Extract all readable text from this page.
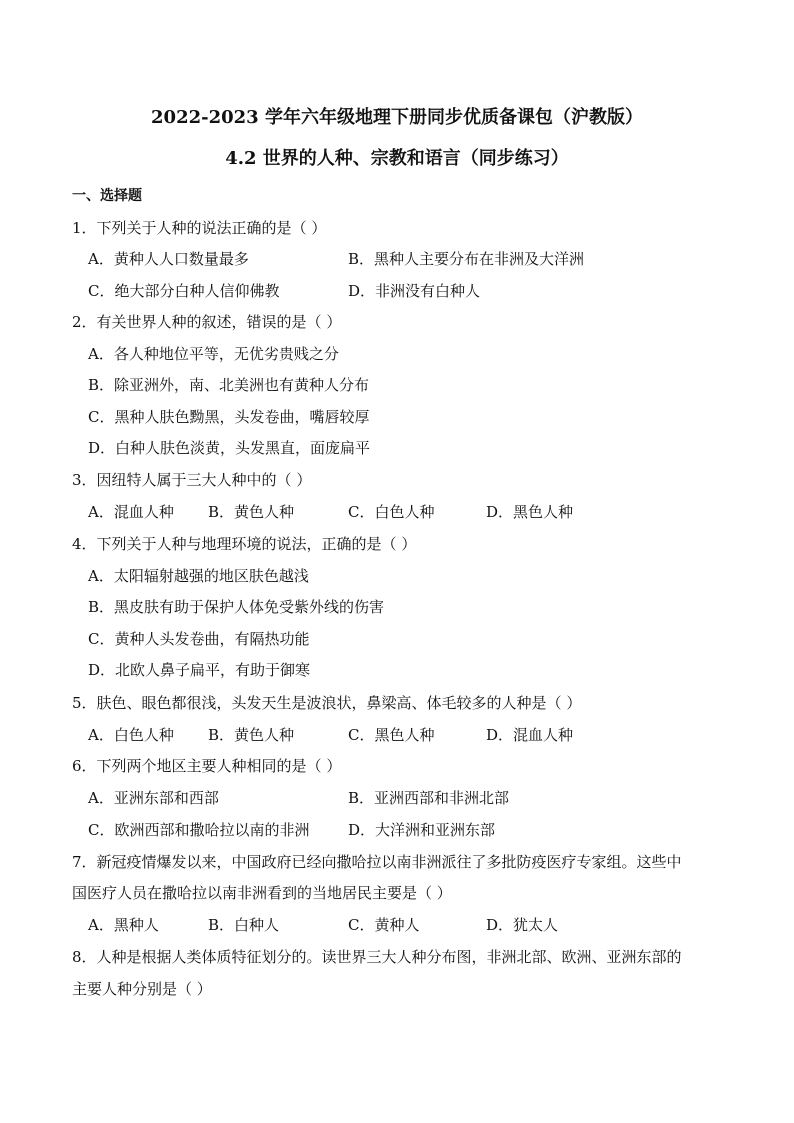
2022-2023 学年六年级地理下册同步优质备课包（沪教版）
4.2 世界的人种、宗教和语言（同步练习）
一、选择题
1．下列关于人种的说法正确的是（ ）
A．黄种人人口数量最多	B．黑种人主要分布在非洲及大洋洲
C．绝大部分白种人信仰佛教	D．非洲没有白种人
2．有关世界人种的叙述，错误的是（ ）
A．各人种地位平等，无优劣贵贱之分
B．除亚洲外，南、北美洲也有黄种人分布
C．黑种人肤色黝黑，头发卷曲，嘴唇较厚
D．白种人肤色淡黄，头发黑直，面庞扁平
3．因纽特人属于三大人种中的（ ）
A．混血人种 B．黄色人种	C．白色人种	D．黑色人种
4．下列关于人种与地理环境的说法，正确的是（ ）
A．太阳辐射越强的地区肤色越浅
B．黑皮肤有助于保护人体免受紫外线的伤害
C．黄种人头发卷曲，有隔热功能
D．北欧人鼻子扁平，有助于御寒
5．肤色、眼色都很浅，头发天生是波浪状，鼻梁高、体毛较多的人种是（ ）
A．白色人种 B．黄色人种	C．黑色人种	D．混血人种
6．下列两个地区主要人种相同的是（ ）
A．亚洲东部和西部	B．亚洲西部和非洲北部
C．欧洲西部和撒哈拉以南的非洲	D．大洋洲和亚洲东部
7．新冠疫情爆发以来，中国政府已经向撒哈拉以南非洲派往了多批防疫医疗专家组。这些中
国医疗人员在撒哈拉以南非洲看到的当地居民主要是（ ）
A．黑种人	B．白种人	C．黄种人	D．犹太人
8．人种是根据人类体质特征划分的。读世界三大人种分布图，非洲北部、欧洲、亚洲东部的
主要人种分别是（ ）
